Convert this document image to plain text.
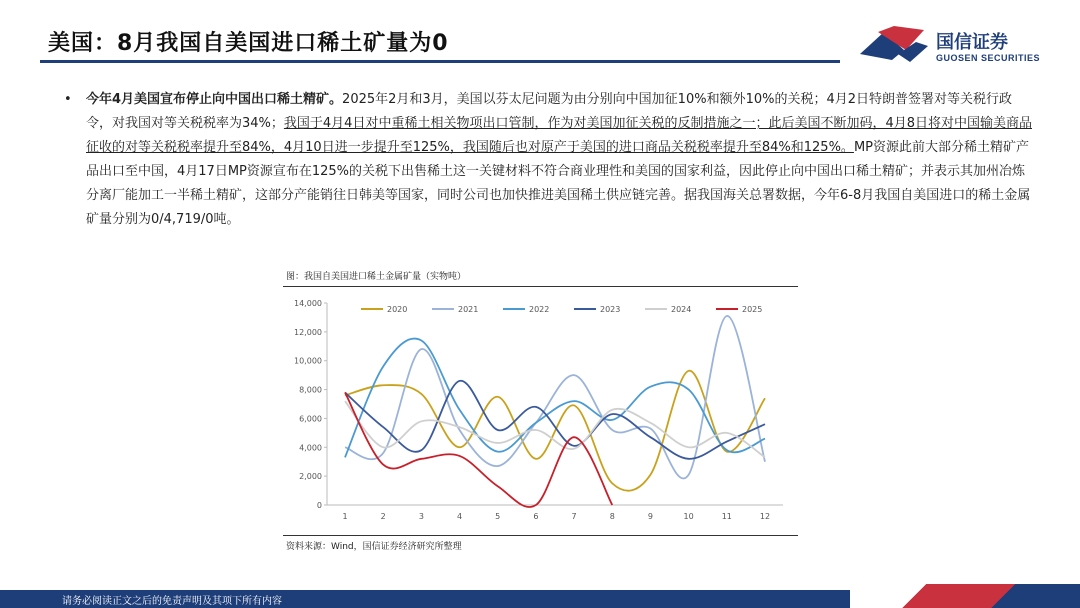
美国：8月我国自美国进口稀土矿量为0	国信证券
GUOSEN SECURITIES
• 今年4月美国宣布停止向中国出口稀土精矿。2025年2月和3月，美国以芬太尼问题为由分别向中国加征10%和额外10%的关税；4月2日特朗普签署对等关税行政令，对我国对等关税税率为34%；我国于4月4日对中重稀土相关物项出口管制，作为对美国加征关税的反制措施之一；此后美国不断加码，4月8日将对中国输美商品征收的对等关税税率提升至84%，4月10日进一步提升至125%，我国随后也对原产于美国的进口商品关税税率提升至84%和125%。MP资源此前大部分稀土精矿产品出口至中国，4月17日MP资源宣布在125%的关税下出售稀土这一关键材料不符合商业理性和美国的国家利益，因此停止向中国出口稀土精矿；并表示其加州冶炼分离厂能加工一半稀土精矿，这部分产能销往日韩美等国家，同时公司也加快推进美国稀土供应链完善。据我国海关总署数据，今年6-8月我国自美国进口的稀土金属矿量分别为0/4,719/0吨。

图：我国自美国进口稀土金属矿量（实物吨）
0
2,000
4,000
6,000
8,000
10,000
12,000
14,000
1	2	3	4	5	6	7	8	9	10	11	12
2020	2021	2022	2023	2024	2025
资料来源：Wind，国信证券经济研究所整理
请务必阅读正文之后的免责声明及其项下所有内容
